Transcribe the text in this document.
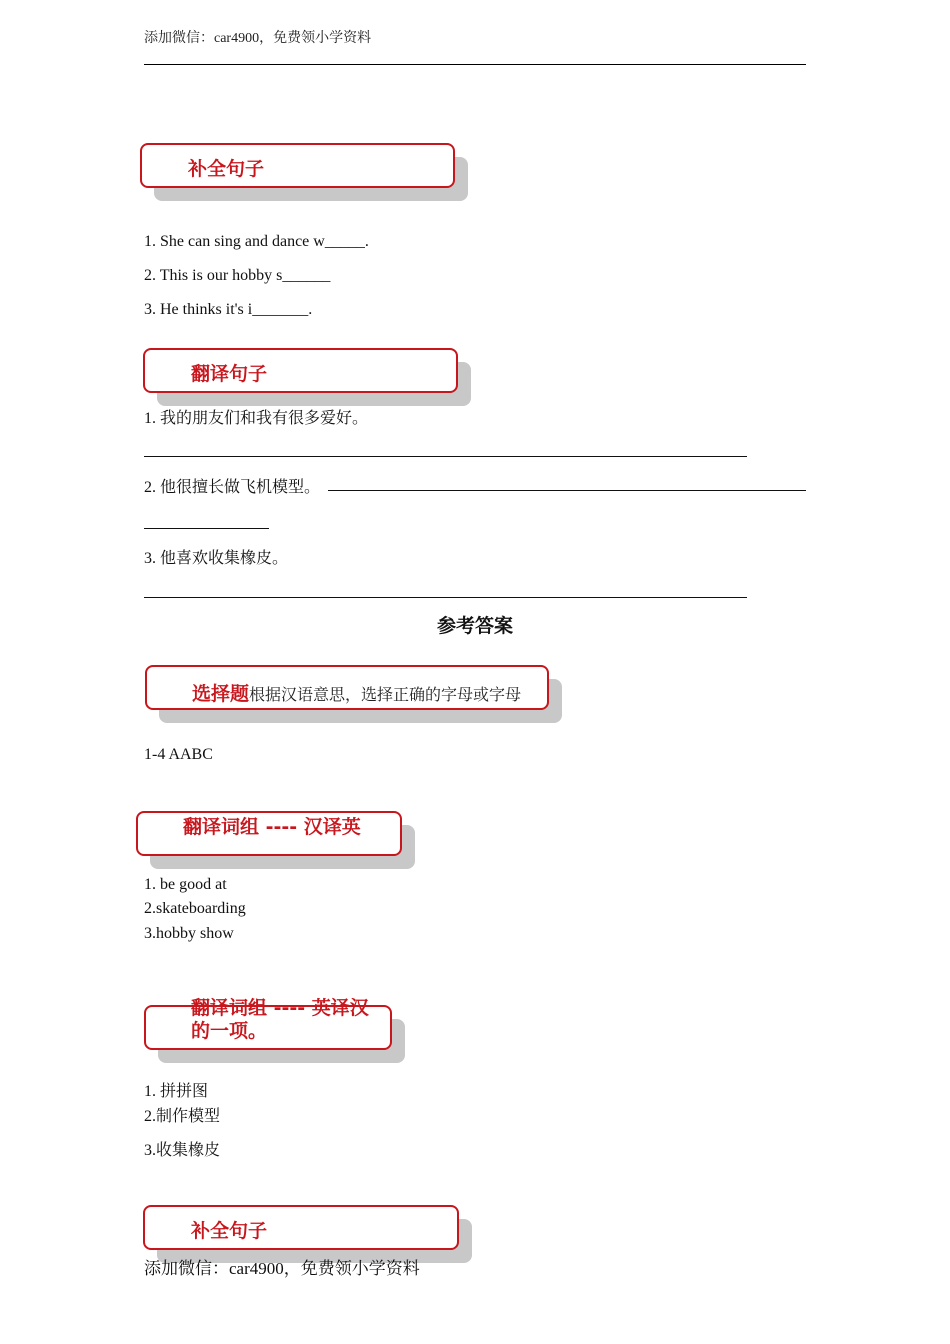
添加微信：car4900，免费领小学资料
补全句子
1. She can sing and dance w_____.
2. This is our hobby s______
3. He thinks it's i_______.
翻译句子
1. 我的朋友们和我有很多爱好。
2. 他很擅长做飞机模型。
3. 他喜欢收集橡皮。
参考答案
选择题根据汉语意思，选择正确的字母或字母
1-4 AABC
翻译词组 ---- 汉译英
1. be good at
2.skateboarding
3.hobby show
翻译词组 ---- 英译汉
的一项。
1. 拼拼图
2.制作模型
3.收集橡皮
补全句子
添加微信：car4900，免费领小学资料
